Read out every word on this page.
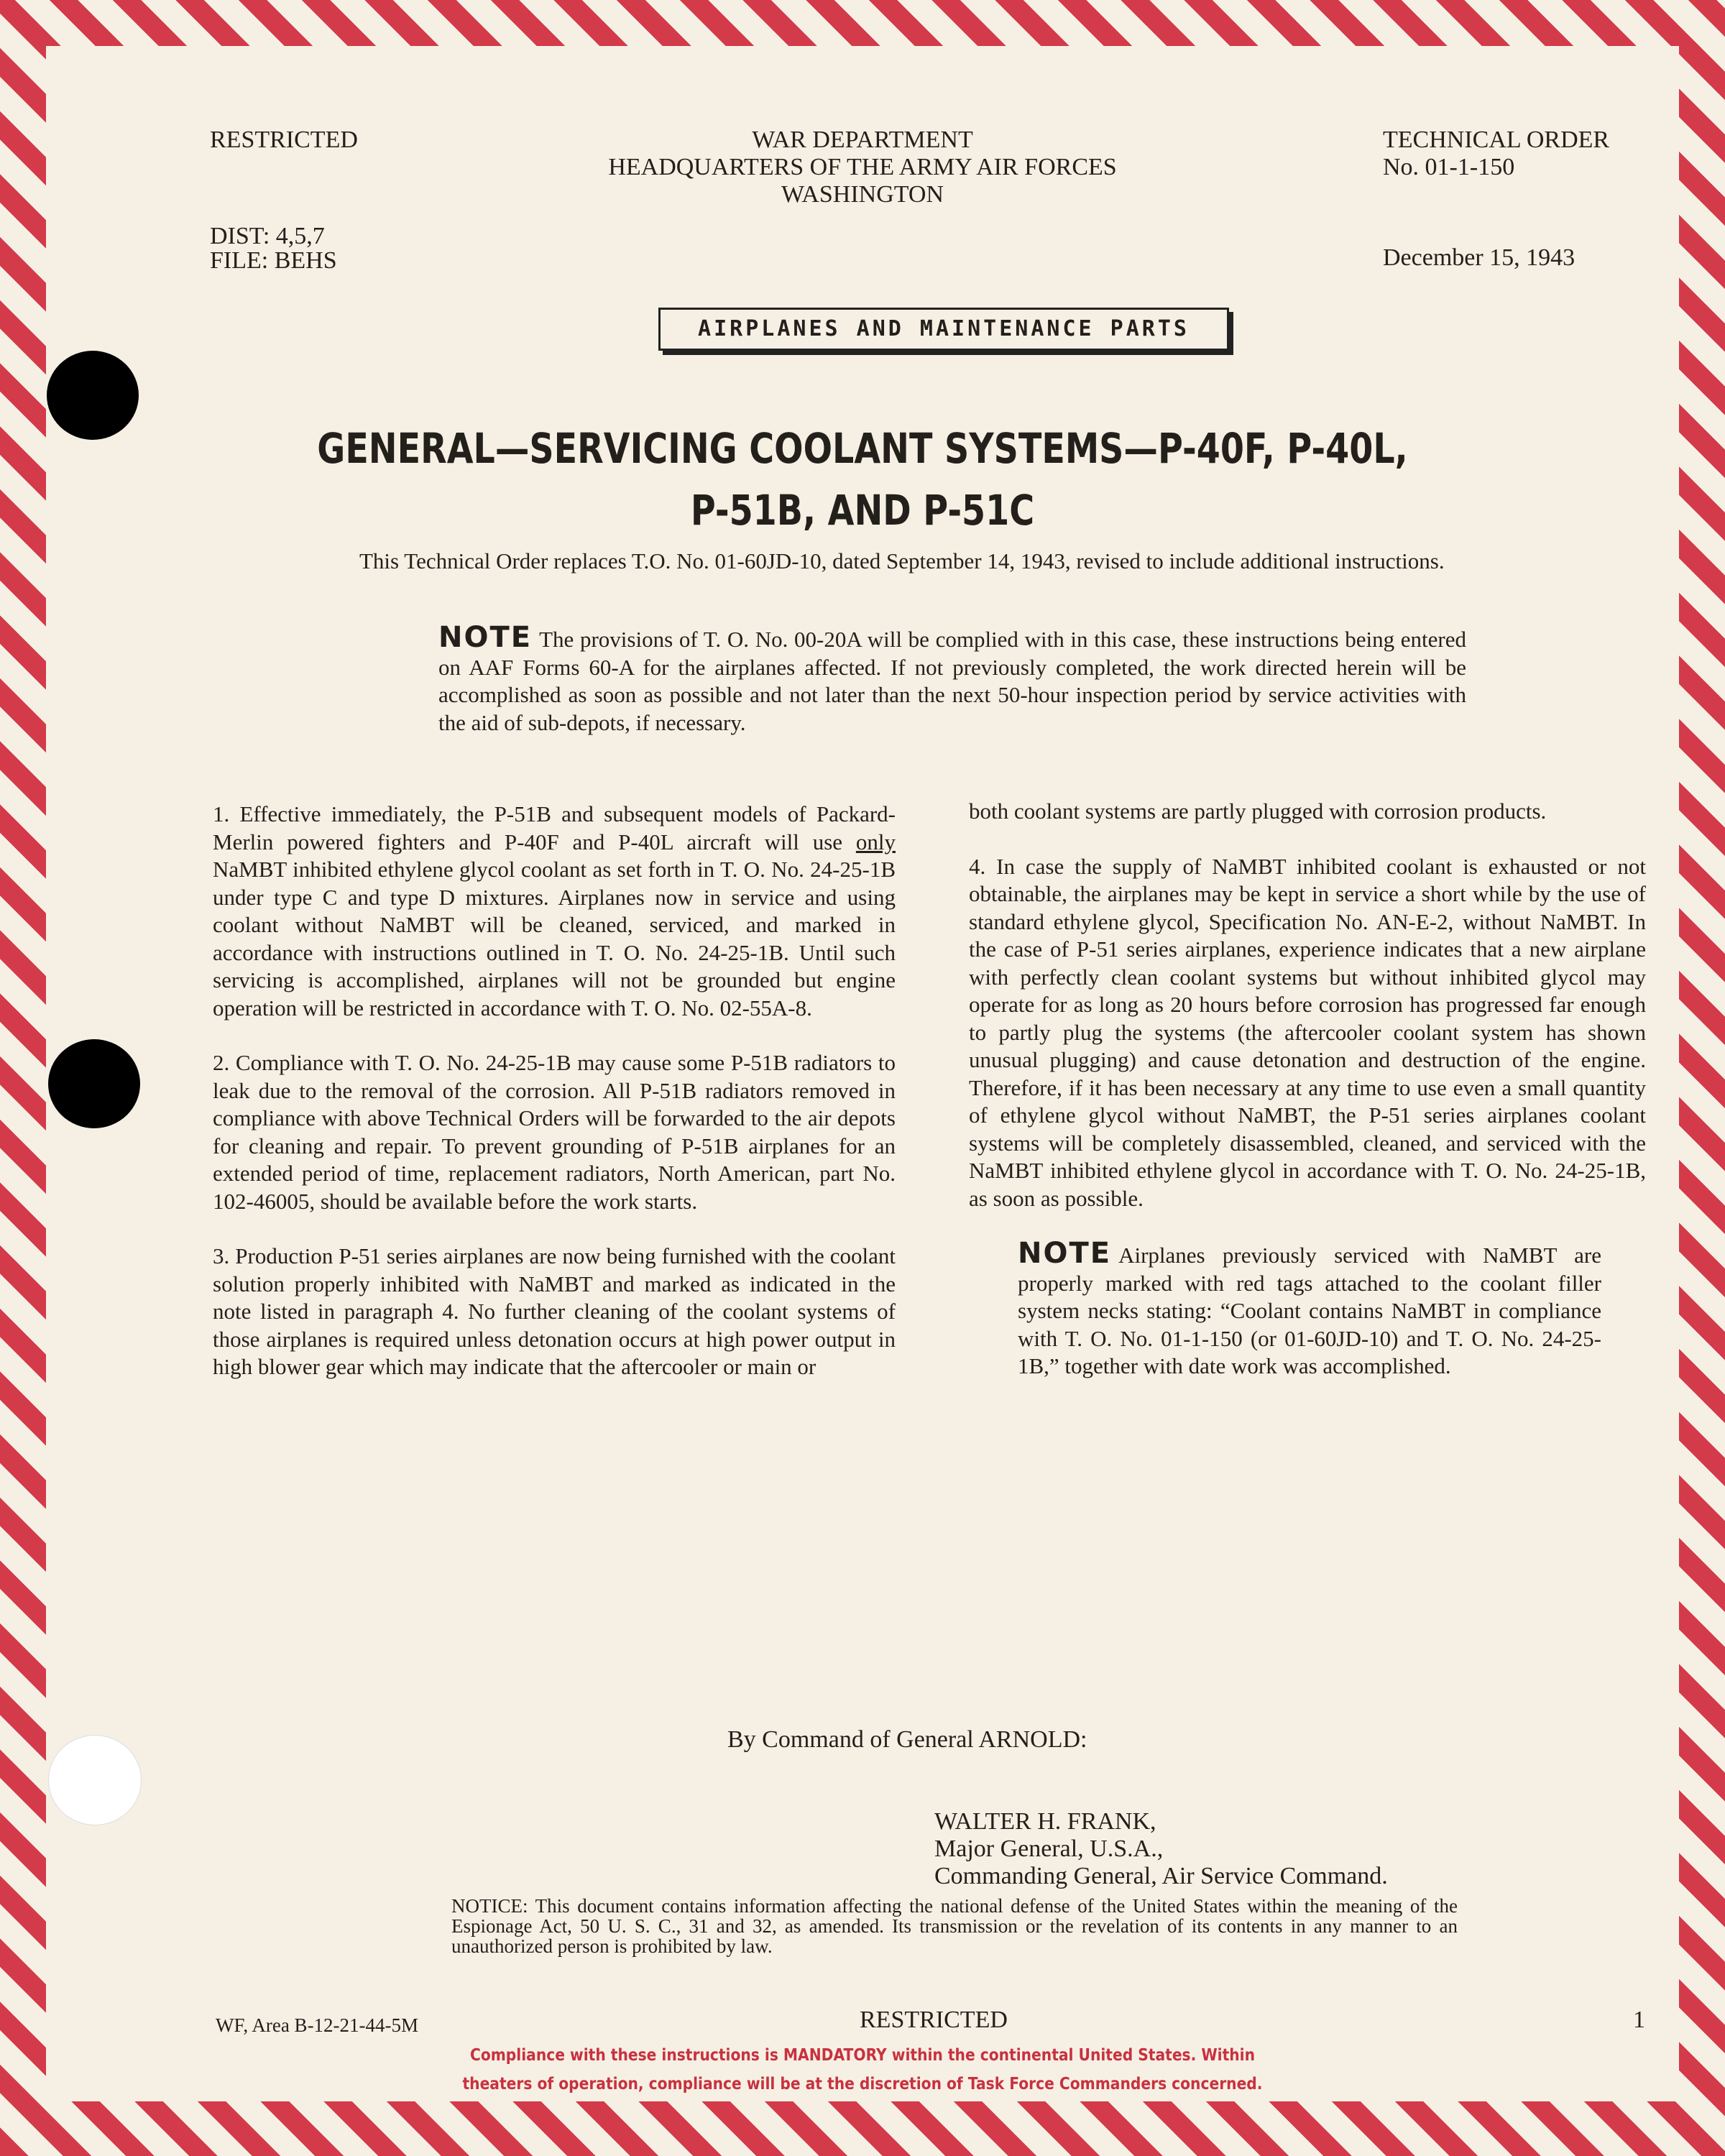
RESTRICTED	WAR DEPARTMENT
HEADQUARTERS OF THE ARMY AIR FORCES
WASHINGTON
TECHNICAL ORDER
No. 01-1-150
DIST: 4,5,7
FILE: BEHS	December 15, 1943
AIRPLANES AND MAINTENANCE PARTS
GENERAL—SERVICING COOLANT SYSTEMS—P-40F, P-40L,
P-51B, AND P-51C

This Technical Order replaces T.O. No. 01-60JD-10, dated September 14, 1943, revised to include additional instructions.

NOTE The provisions of T. O. No. 00-20A will be complied with in this case, these instructions being entered on AAF Forms 60-A for the airplanes affected. If not previously completed, the work directed herein will be accomplished as soon as possible and not later than the next 50-hour inspection period by service activities with the aid of sub-depots, if necessary.

1. Effective immediately, the P-51B and subsequent models of Packard-Merlin powered fighters and P-40F and P-40L aircraft will use only NaMBT inhibited ethylene glycol coolant as set forth in T. O. No. 24-25-1B under type C and type D mixtures. Airplanes now in service and using coolant without NaMBT will be cleaned, serviced, and marked in accordance with instructions outlined in T. O. No. 24-25-1B. Until such servicing is accomplished, airplanes will not be grounded but engine operation will be restricted in accordance with T. O. No. 02-55A-8.

2. Compliance with T. O. No. 24-25-1B may cause some P-51B radiators to leak due to the removal of the corrosion. All P-51B radiators removed in compliance with above Technical Orders will be forwarded to the air depots for cleaning and repair. To prevent grounding of P-51B airplanes for an extended period of time, replacement radiators, North American, part No. 102-46005, should be available before the work starts.

3. Production P-51 series airplanes are now being furnished with the coolant solution properly inhibited with NaMBT and marked as indicated in the note listed in paragraph 4. No further cleaning of the coolant systems of those airplanes is required unless detonation occurs at high power output in high blower gear which may indicate that the aftercooler or main or

both coolant systems are partly plugged with corrosion products.

4. In case the supply of NaMBT inhibited coolant is exhausted or not obtainable, the airplanes may be kept in service a short while by the use of standard ethylene glycol, Specification No. AN-E-2, without NaMBT. In the case of P-51 series airplanes, experience indicates that a new airplane with perfectly clean coolant systems but without inhibited glycol may operate for as long as 20 hours before corrosion has progressed far enough to partly plug the systems (the aftercooler coolant system has shown unusual plugging) and cause detonation and destruction of the engine. Therefore, if it has been necessary at any time to use even a small quantity of ethylene glycol without NaMBT, the P-51 series airplanes coolant systems will be completely disassembled, cleaned, and serviced with the NaMBT inhibited ethylene glycol in accordance with T. O. No. 24-25-1B, as soon as possible.

NOTE Airplanes previously serviced with NaMBT are properly marked with red tags attached to the coolant filler system necks stating: “Coolant contains NaMBT in compliance with T. O. No. 01-1-150 (or 01-60JD-10) and T. O. No. 24-25-1B,” together with date work was accomplished.

By Command of General ARNOLD:
WALTER H. FRANK,
Major General, U.S.A.,
Commanding General, Air Service Command.

NOTICE: This document contains information affecting the national defense of the United States within the meaning of the Espionage Act, 50 U. S. C., 31 and 32, as amended. Its transmission or the revelation of its contents in any manner to an unauthorized person is prohibited by law.

WF, Area B-12-21-44-5M	RESTRICTED	1
Compliance with these instructions is MANDATORY within the continental United States. Within
theaters of operation, compliance will be at the discretion of Task Force Commanders concerned.
